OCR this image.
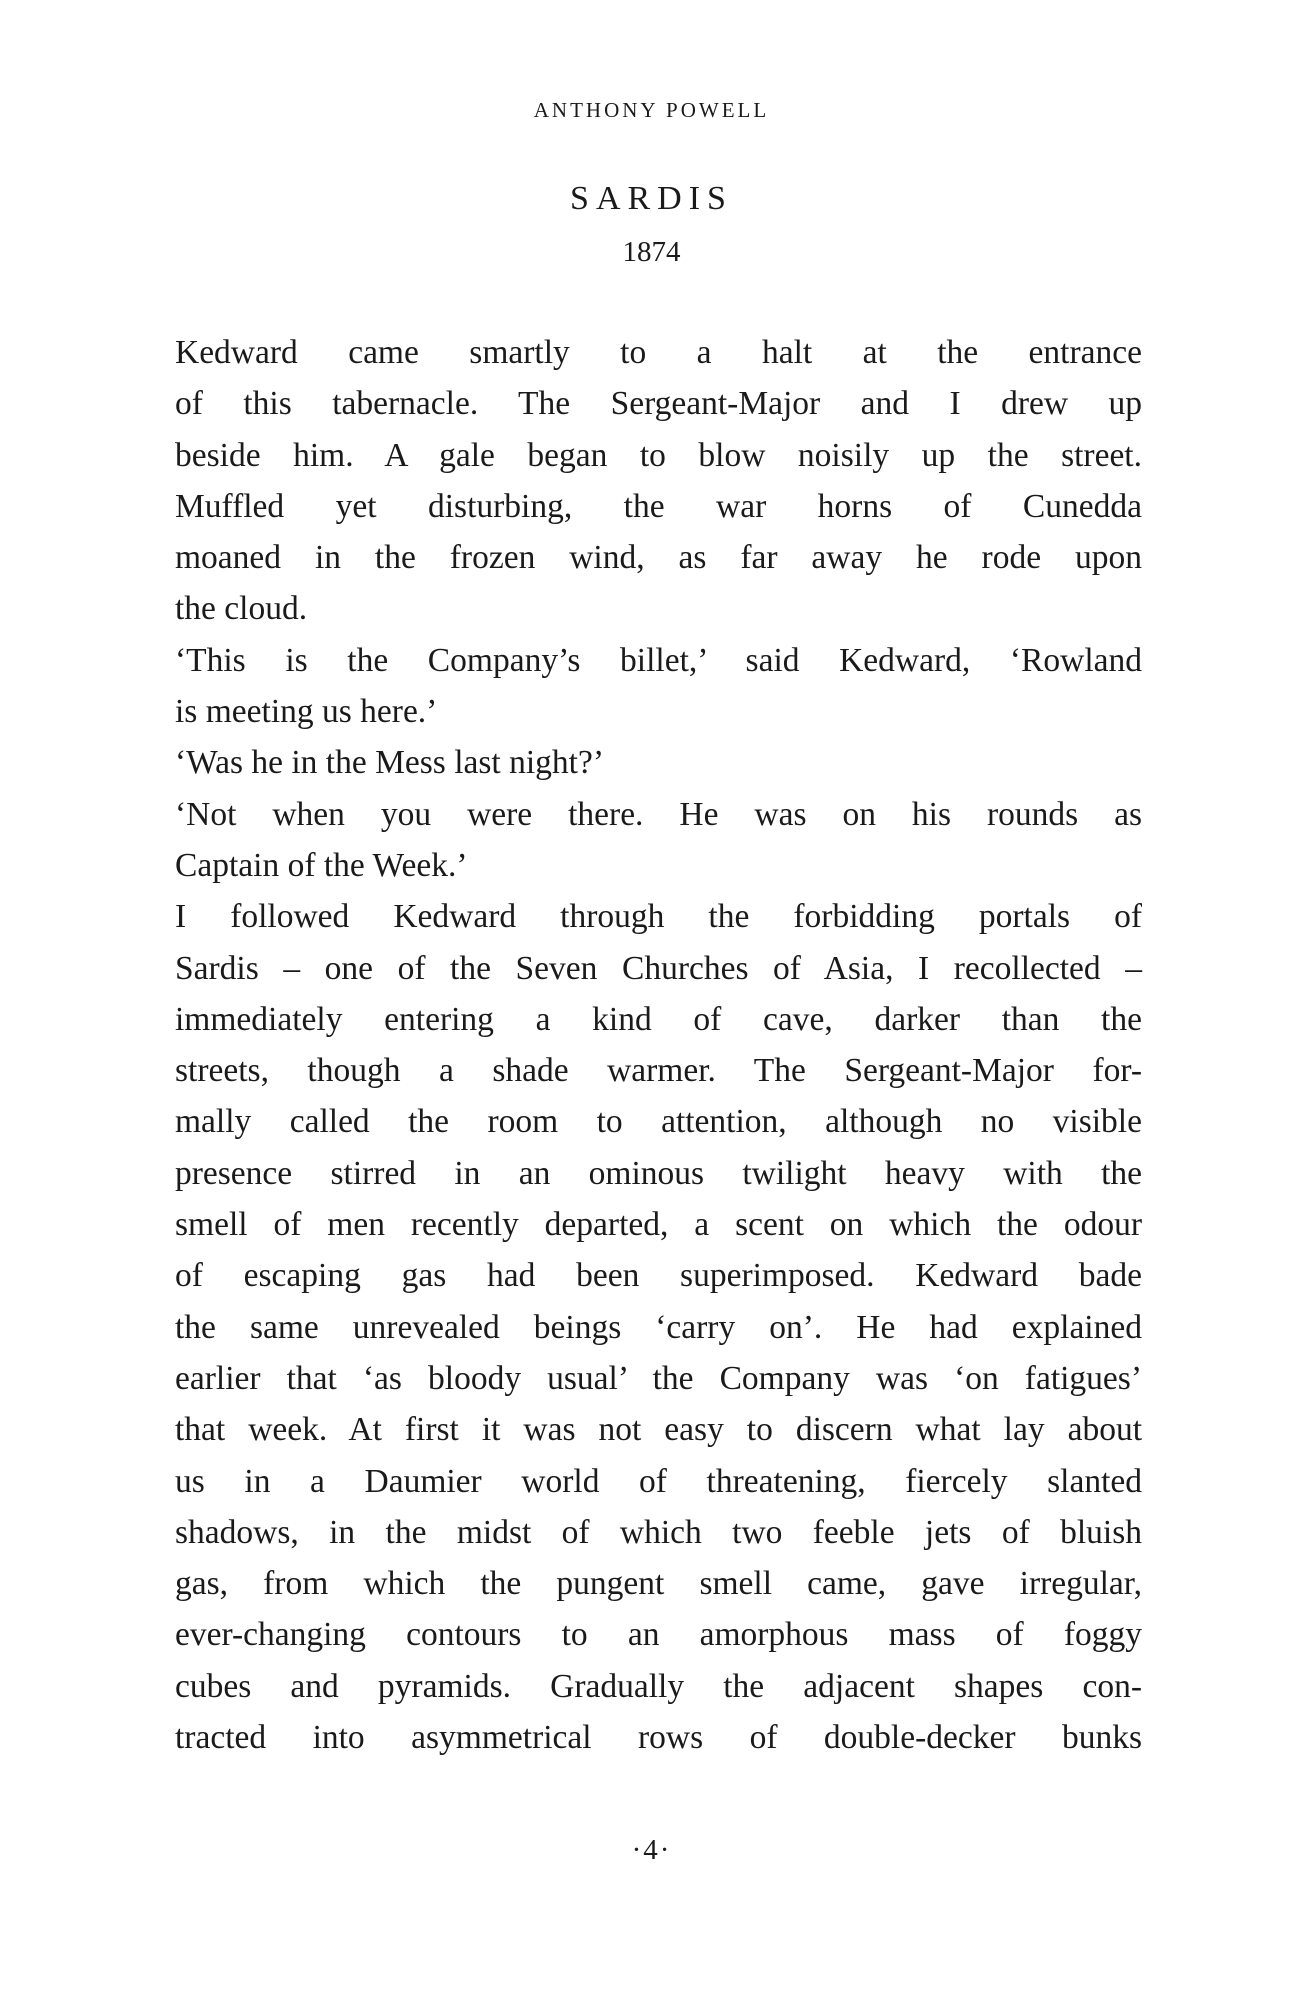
ANTHONY POWELL
SARDIS
1874
Kedward came smartly to a halt at the entrance
of this tabernacle. The Sergeant-Major and I drew up
beside him. A gale began to blow noisily up the street.
Muffled yet disturbing, the war horns of Cunedda
moaned in the frozen wind, as far away he rode upon
the cloud.
‘This is the Company’s billet,’ said Kedward, ‘Rowland
is meeting us here.’
‘Was he in the Mess last night?’
‘Not when you were there. He was on his rounds as
Captain of the Week.’
I followed Kedward through the forbidding portals of
Sardis – one of the Seven Churches of Asia, I recollected –
immediately entering a kind of cave, darker than the
streets, though a shade warmer. The Sergeant-Major for-
mally called the room to attention, although no visible
presence stirred in an ominous twilight heavy with the
smell of men recently departed, a scent on which the odour
of escaping gas had been superimposed. Kedward bade
the same unrevealed beings ‘carry on’. He had explained
earlier that ‘as bloody usual’ the Company was ‘on fatigues’
that week. At first it was not easy to discern what lay about
us in a Daumier world of threatening, fiercely slanted
shadows, in the midst of which two feeble jets of bluish
gas, from which the pungent smell came, gave irregular,
ever-changing contours to an amorphous mass of foggy
cubes and pyramids. Gradually the adjacent shapes con-
tracted into asymmetrical rows of double-decker bunks
·4·
